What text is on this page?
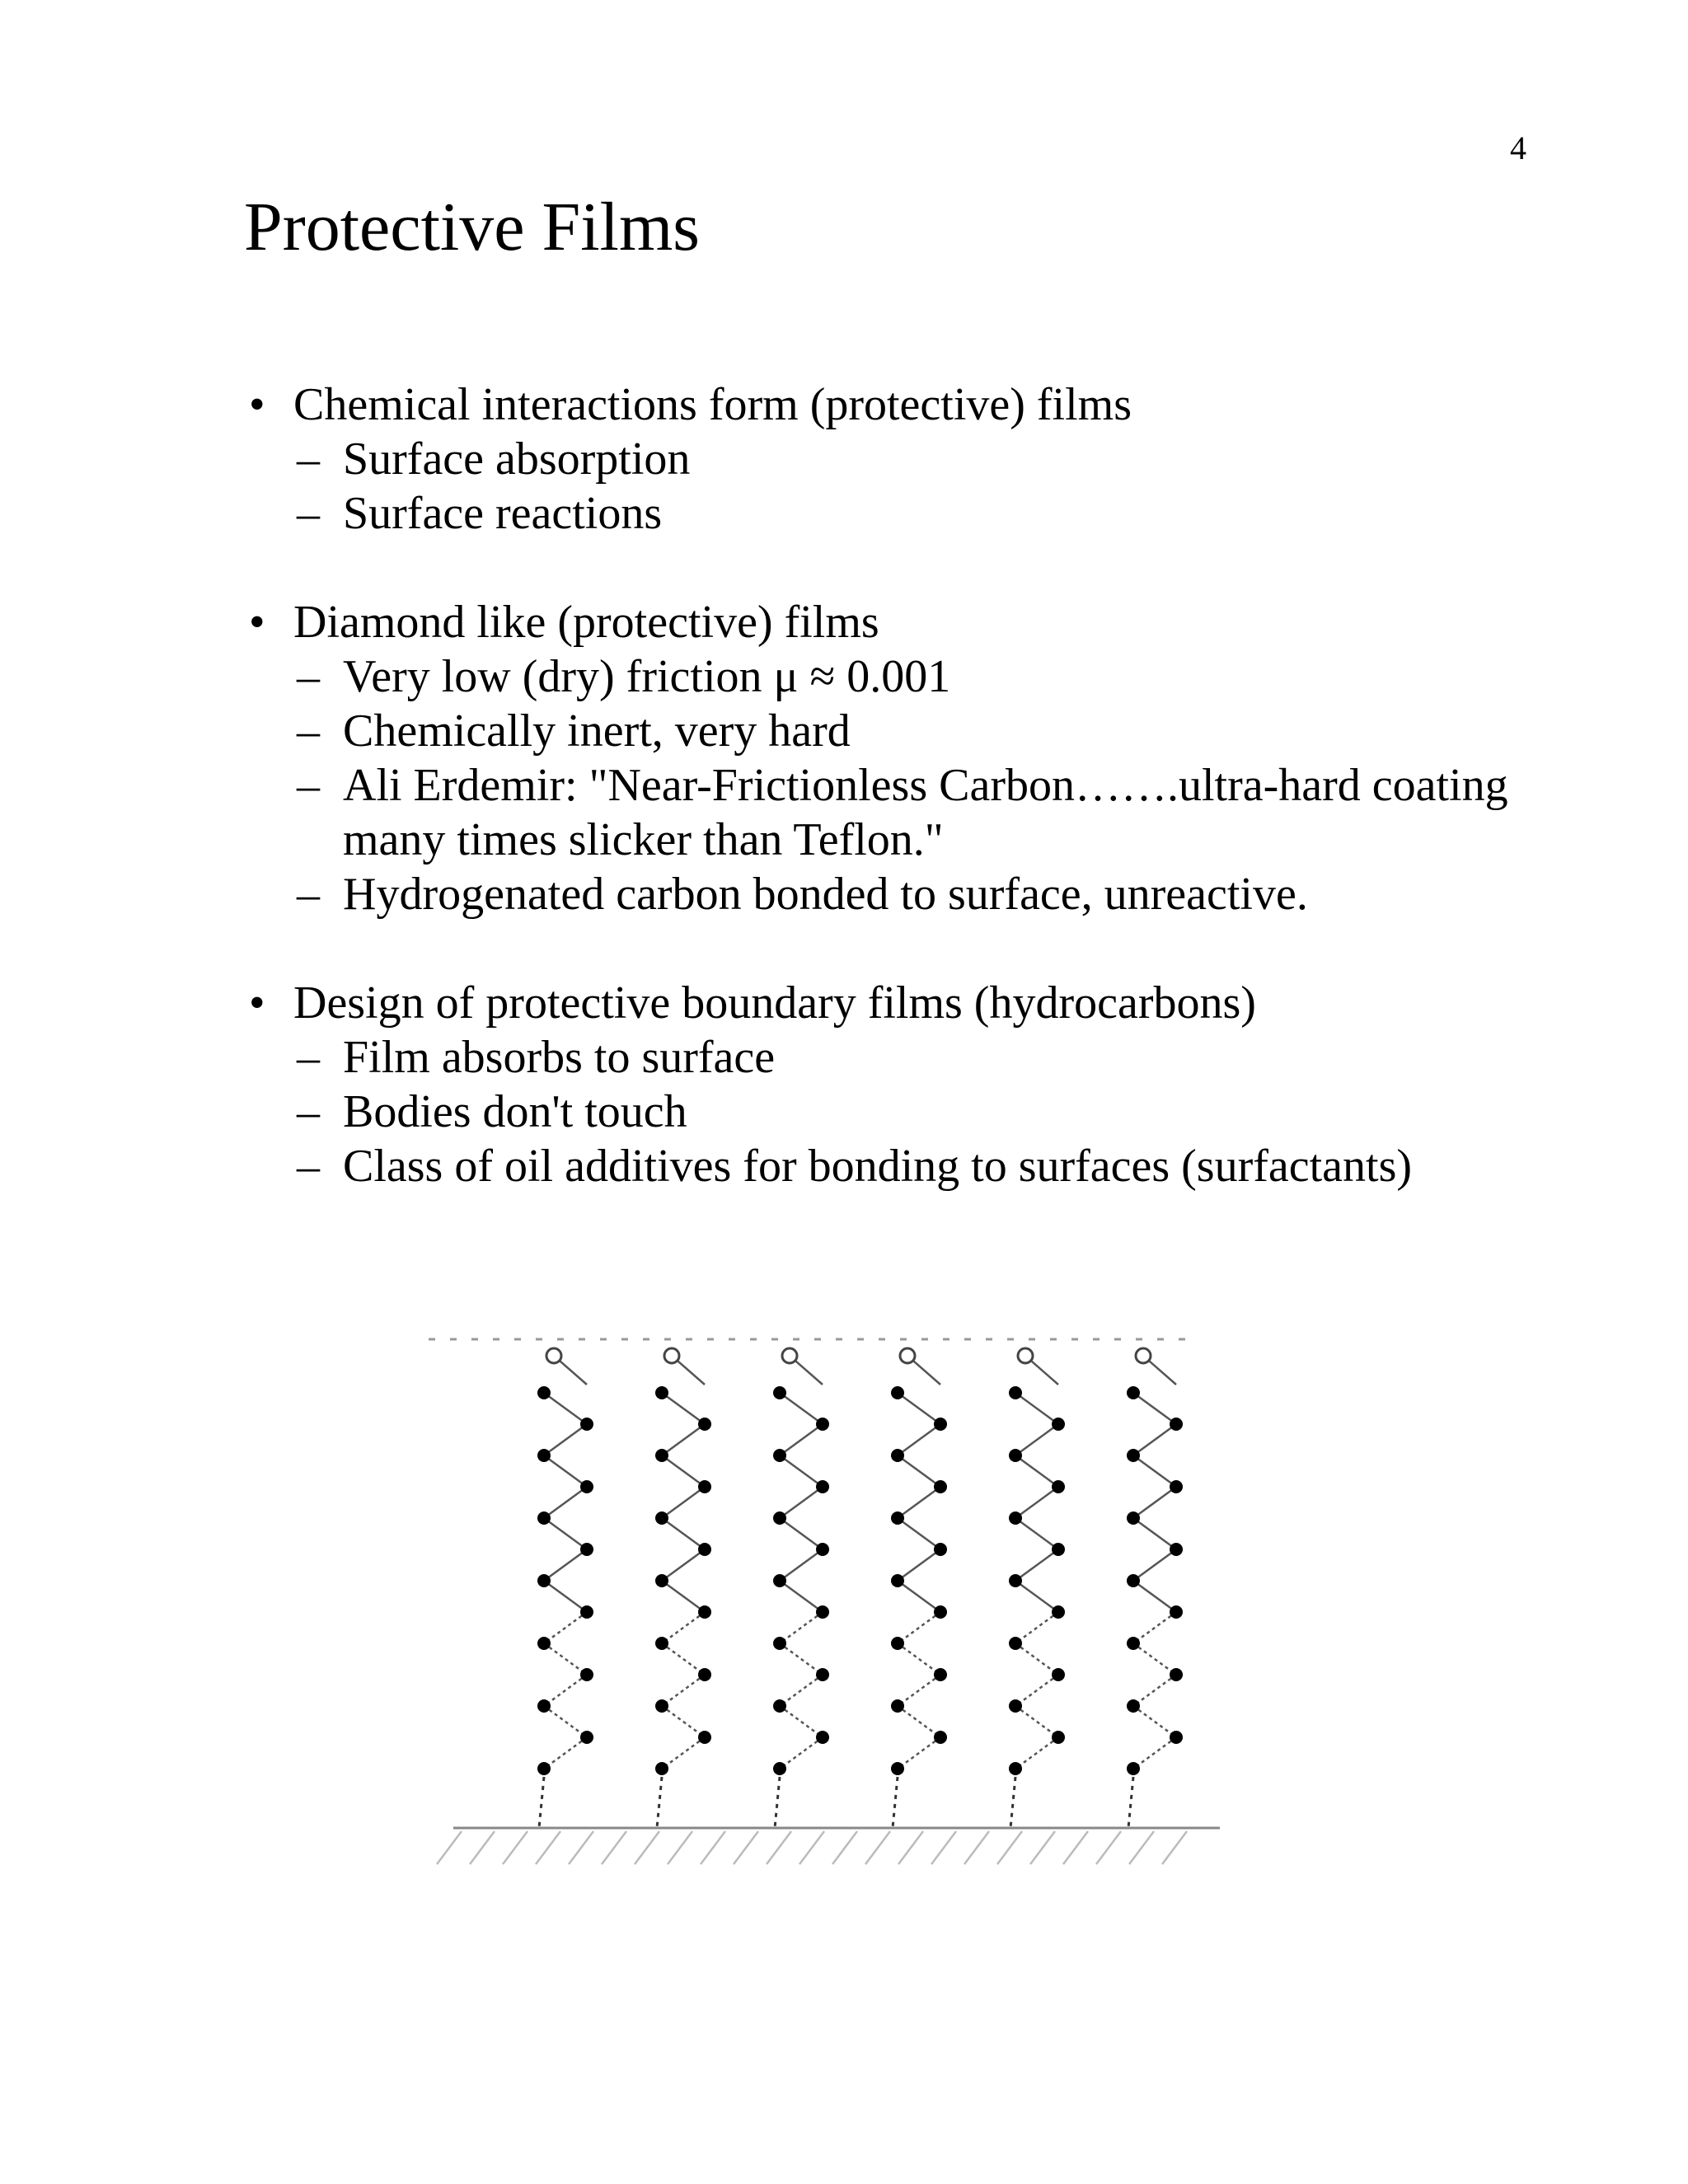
4
Protective Films
• Chemical interactions form (protective) films
– Surface absorption
– Surface reactions
• Diamond like (protective) films
– Very low (dry) friction μ ≈ 0.001
– Chemically inert, very hard
– Ali Erdemir: "Near-Frictionless Carbon…….ultra-hard coating many times slicker than Teflon."
– Hydrogenated carbon bonded to surface, unreactive.
• Design of protective boundary films (hydrocarbons)
– Film absorbs to surface
– Bodies don't touch
– Class of oil additives for bonding to surfaces (surfactants)
